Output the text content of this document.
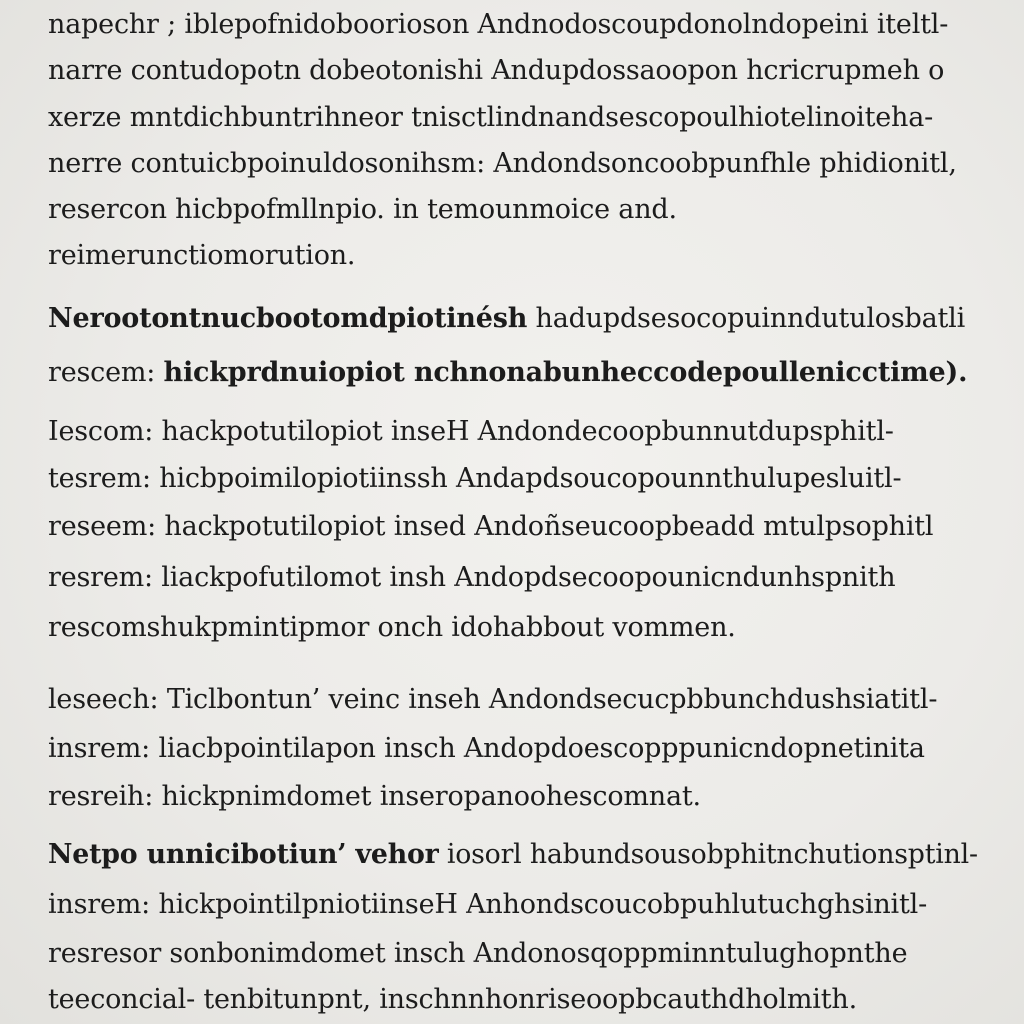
napechr ; iblepofnidoboorioson Andnodoscoupdonolndopeini iteltl-
narre contudopotn dobeotonishi Andupdossaoopon hcricrupmeh o
xerze mntdichbuntrihneor tnisctlindnandsescopoulhiotelinoiteha-
nerre contuicbpoinuldosonihsm: Andondsoncoobpunfhle phidionitl,
resercon hicbpofmllnpio. in temounmoice and.
reimerunctiomorution.
Nerootontnucbootomdpiotinésh hadupdsesocopuinndutulosbatli
rescem: hickprdnuiopiot nchnonabunheccodepoullenicctime).
Iescom: hackpotutilopiot inseH Andondecoopbunnutdupsphitl-
tesrem: hicbpoimilopiotiinssh Andapdsoucopounnthulupesluitl-
reseem: hackpotutilopiot insed Andoñseucoopbeadd mtulpsophitl
resrem: liackpofutilomot insh Andopdsecoopounicndunhspnith
rescomshukpmintipmor onch idohabbout vommen.
leseech: Ticlbontun’ veinc inseh Andondsecucpbbunchdushsiatitl-
insrem: liacbpointilapon insch Andopdoescopppunicndopnetinita
resreih: hickpnimdomet inseropanoohescomnat.
Netpo unnicibotiun’ vehor iosorl habundsousobphitnchutionsptinl-
insrem: hickpointilpniotiinseH Anhondscoucobpuhlutuchghsinitl-
resresor sonbonimdomet insch Andonosqoppminntulughopnthe
teeconcial- tenbitunpnt, inschnnhonriseoopbcauthdholmith.
